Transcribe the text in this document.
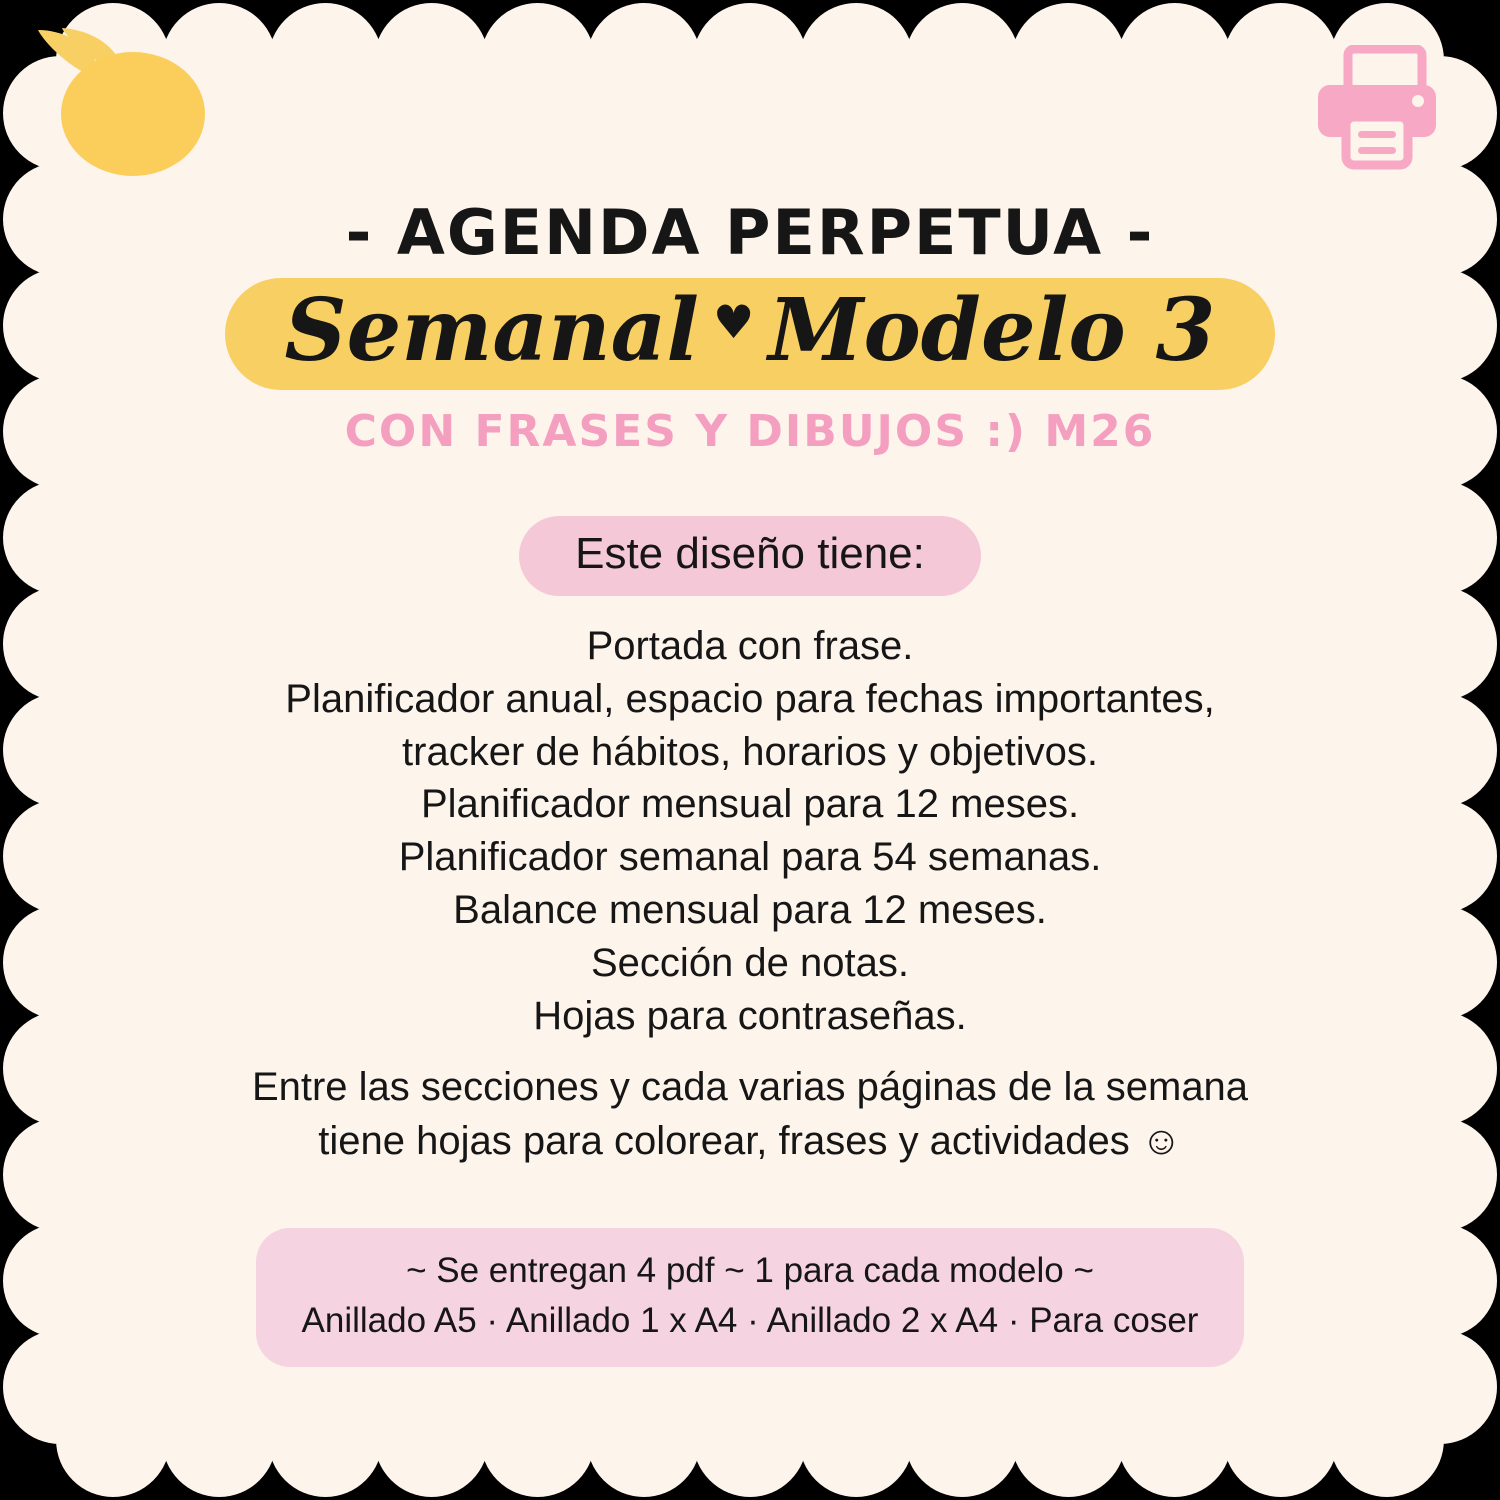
- AGENDA PERPETUA -
Semanal ♥ Modelo 3
CON FRASES Y DIBUJOS :) M26
Este diseño tiene:
Portada con frase.
Planificador anual, espacio para fechas importantes,
tracker de hábitos, horarios y objetivos.
Planificador mensual para 12 meses.
Planificador semanal para 54 semanas.
Balance mensual para 12 meses.
Sección de notas.
Hojas para contraseñas.
Entre las secciones y cada varias páginas de la semana
tiene hojas para colorear, frases y actividades ☺
~ Se entregan 4 pdf ~ 1 para cada modelo ~
Anillado A5 · Anillado 1 x A4 · Anillado 2 x A4 · Para coser
